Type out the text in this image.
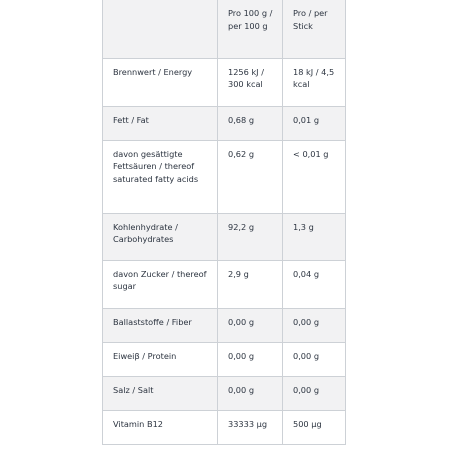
	Pro 100 g / per 100 g	Pro / per Stick
Brennwert / Energy	1256 kJ / 300 kcal	18 kJ / 4,5 kcal
Fett / Fat	0,68 g	0,01 g
davon gesättigte Fettsäuren / thereof saturated fatty acids	0,62 g	< 0,01 g
Kohlenhydrate / Carbohydrates	92,2 g	1,3 g
davon Zucker / thereof sugar	2,9 g	0,04 g
Ballaststoffe / Fiber	0,00 g	0,00 g
Eiweiβ / Protein	0,00 g	0,00 g
Salz / Salt	0,00 g	0,00 g
Vitamin B12	33333 µg	500 µg
